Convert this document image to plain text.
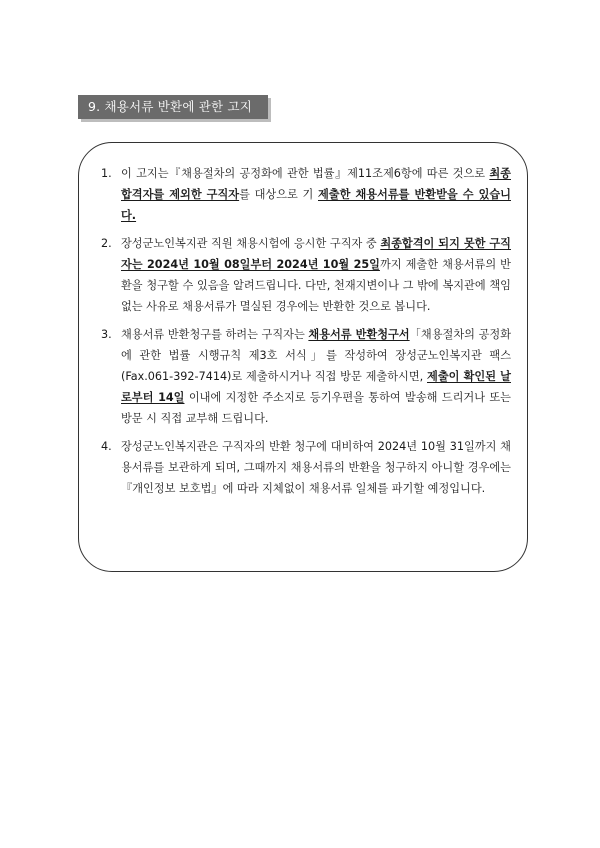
9. 채용서류 반환에 관한 고지
1. 이 고지는『채용절차의 공정화에 관한 법률』제11조제6항에 따른 것으로 최종합격자를 제외한 구직자를 대상으로 기 제출한 채용서류를 반환받을 수 있습니다.
2. 장성군노인복지관 직원 채용시험에 응시한 구직자 중 최종합격이 되지 못한 구직자는 2024년 10월 08일부터 2024년 10월 25일까지 제출한 채용서류의 반환을 청구할 수 있음을 알려드립니다. 다만, 천재지변이나 그 밖에 복지관에 책임 없는 사유로 채용서류가 멸실된 경우에는 반환한 것으로 봅니다.
3. 채용서류 반환청구를 하려는 구직자는 채용서류 반환청구서「채용절차의 공정화에 관한 법률 시행규칙 제3호 서식」를 작성하여 장성군노인복지관 팩스(Fax.061-392-7414)로 제출하시거나 직접 방문 제출하시면, 제출이 확인된 날로부터 14일 이내에 지정한 주소지로 등기우편을 통하여 발송해 드리거나 또는 방문 시 직접 교부해 드립니다.
4. 장성군노인복지관은 구직자의 반환 청구에 대비하여 2024년 10월 31일까지 채용서류를 보관하게 되며, 그때까지 채용서류의 반환을 청구하지 아니할 경우에는『개인정보 보호법』에 따라 지체없이 채용서류 일체를 파기할 예정입니다.
